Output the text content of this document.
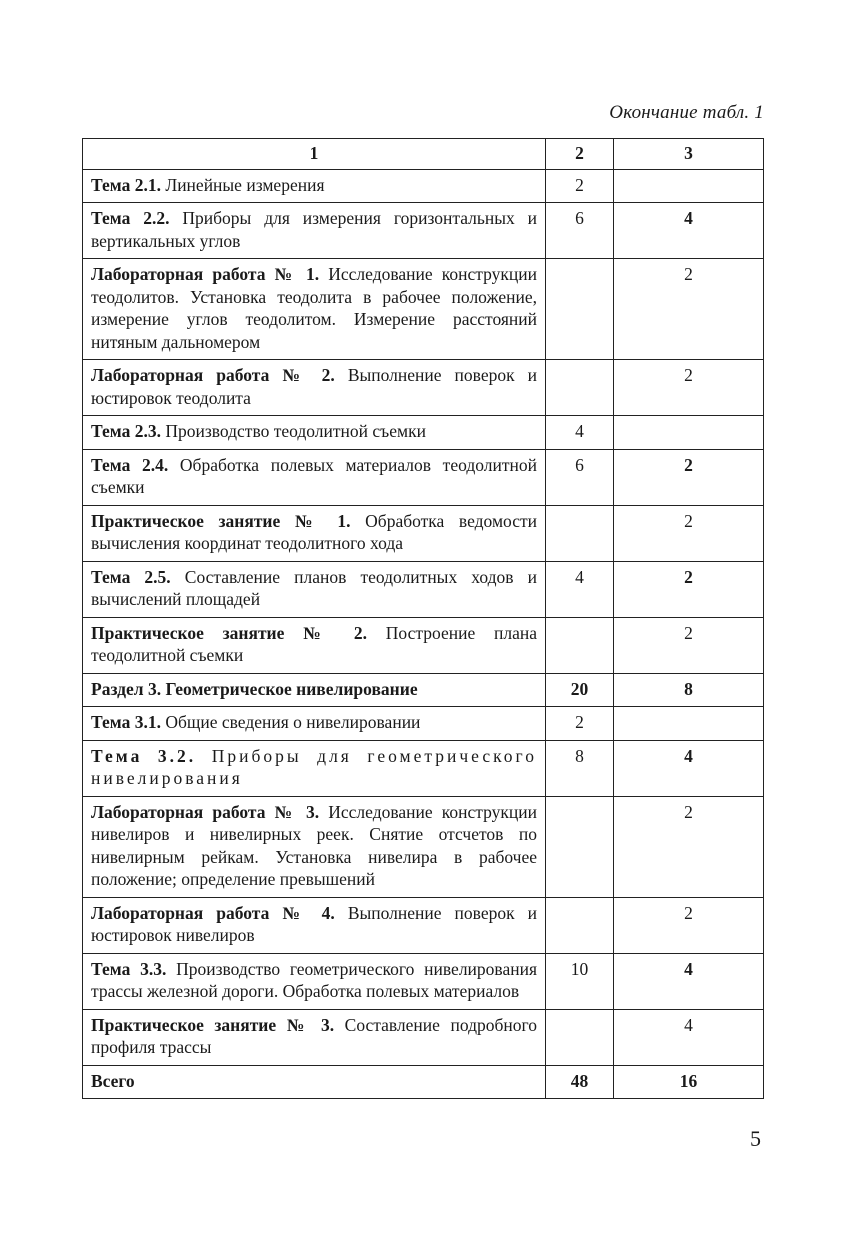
Окончание табл. 1
1	2	3
Тема 2.1. Линейные измерения	2	
Тема 2.2. Приборы для измерения горизонтальных и вертикальных углов	6	4
Лабораторная работа № 1. Исследование конструкции теодолитов. Установка теодолита в рабочее положение, измерение углов теодолитом. Измерение расстояний нитяным дальномером		2
Лабораторная работа № 2. Выполнение поверок и юстировок теодолита		2
Тема 2.3. Производство теодолитной съемки	4	
Тема 2.4. Обработка полевых материалов теодолитной съемки	6	2
Практическое занятие № 1. Обработка ведомости вычисления координат теодолитного хода		2
Тема 2.5. Составление планов теодолитных ходов и вычислений площадей	4	2
Практическое занятие № 2. Построение плана теодолитной съемки		2
Раздел 3. Геометрическое нивелирование	20	8
Тема 3.1. Общие сведения о нивелировании	2	
Тема 3.2. Приборы для геометрического нивелирования	8	4
Лабораторная работа № 3. Исследование конструкции нивелиров и нивелирных реек. Снятие отсчетов по нивелирным рейкам. Установка нивелира в рабочее положение; определение превышений		2
Лабораторная работа № 4. Выполнение поверок и юстировок нивелиров		2
Тема 3.3. Производство геометрического нивелирования трассы железной дороги. Обработка полевых материалов	10	4
Практическое занятие № 3. Составление подробного профиля трассы		4
Всего	48	16
5
